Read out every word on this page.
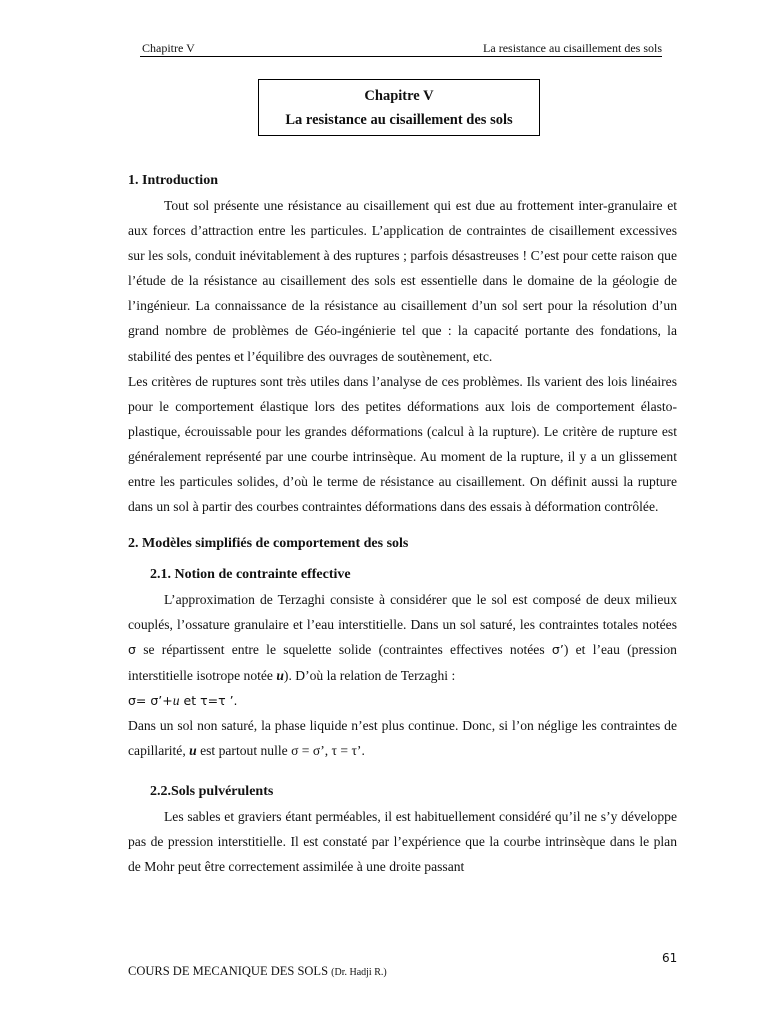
Chapitre V	La resistance au cisaillement des sols
Chapitre V
La resistance au cisaillement des sols
1. Introduction

Tout sol présente une résistance au cisaillement qui est due au frottement inter-granulaire et aux forces d’attraction entre les particules. L’application de contraintes de cisaillement excessives sur les sols, conduit inévitablement à des ruptures ; parfois désastreuses ! C’est pour cette raison que l’étude de la résistance au cisaillement des sols est essentielle dans le domaine de la géologie de l’ingénieur. La connaissance de la résistance au cisaillement d’un sol sert pour la résolution d’un grand nombre de problèmes de Géo-ingénierie tel que : la capacité portante des fondations, la stabilité des pentes et l’équilibre des ouvrages de soutènement, etc.

Les critères de ruptures sont très utiles dans l’analyse de ces problèmes. Ils varient des lois linéaires pour le comportement élastique lors des petites déformations aux lois de comportement élasto-plastique, écrouissable pour les grandes déformations (calcul à la rupture). Le critère de rupture est généralement représenté par une courbe intrinsèque. Au moment de la rupture, il y a un glissement entre les particules solides, d’où le terme de résistance au cisaillement. On définit aussi la rupture dans un sol à partir des courbes contraintes déformations dans des essais à déformation contrôlée.

2. Modèles simplifiés de comportement des sols
2.1. Notion de contrainte effective

L’approximation de Terzaghi consiste à considérer que le sol est composé de deux milieux couplés, l’ossature granulaire et l’eau interstitielle. Dans un sol saturé, les contraintes totales notées σ se répartissent entre le squelette solide (contraintes effectives notées σ’) et l’eau (pression interstitielle isotrope notée u). D’où la relation de Terzaghi :

σ= σ’+u et τ=τ ’.

Dans un sol non saturé, la phase liquide n’est plus continue. Donc, si l’on néglige les contraintes de capillarité, u est partout nulle σ = σ’, τ = τ’.

2.2.Sols pulvérulents

Les sables et graviers étant perméables, il est habituellement considéré qu’il ne s’y développe pas de pression interstitielle. Il est constaté par l’expérience que la courbe intrinsèque dans le plan de Mohr peut être correctement assimilée à une droite passant

61
COURS DE MECANIQUE DES SOLS (Dr. Hadji R.)
